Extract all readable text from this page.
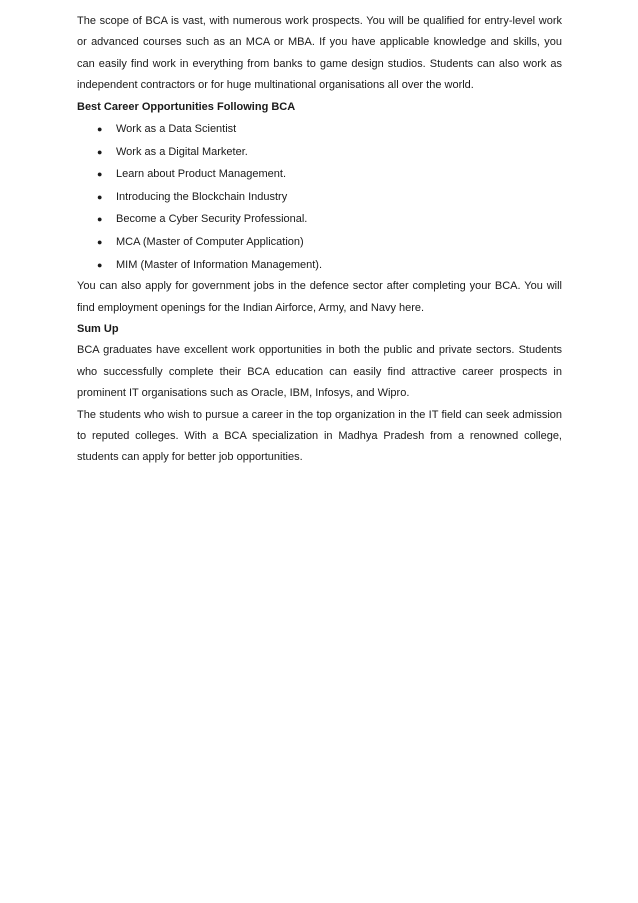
The scope of BCA is vast, with numerous work prospects. You will be qualified for entry-level work or advanced courses such as an MCA or MBA. If you have applicable knowledge and skills, you can easily find work in everything from banks to game design studios. Students can also work as independent contractors or for huge multinational organisations all over the world.

Best Career Opportunities Following BCA

● Work as a Data Scientist
● Work as a Digital Marketer.
● Learn about Product Management.
● Introducing the Blockchain Industry
● Become a Cyber Security Professional.
● MCA (Master of Computer Application)
● MIM (Master of Information Management).

You can also apply for government jobs in the defence sector after completing your BCA. You will find employment openings for the Indian Airforce, Army, and Navy here.

Sum Up

BCA graduates have excellent work opportunities in both the public and private sectors. Students who successfully complete their BCA education can easily find attractive career prospects in prominent IT organisations such as Oracle, IBM, Infosys, and Wipro.

The students who wish to pursue a career in the top organization in the IT field can seek admission to reputed colleges. With a BCA specialization in Madhya Pradesh from a renowned college, students can apply for better job opportunities.
